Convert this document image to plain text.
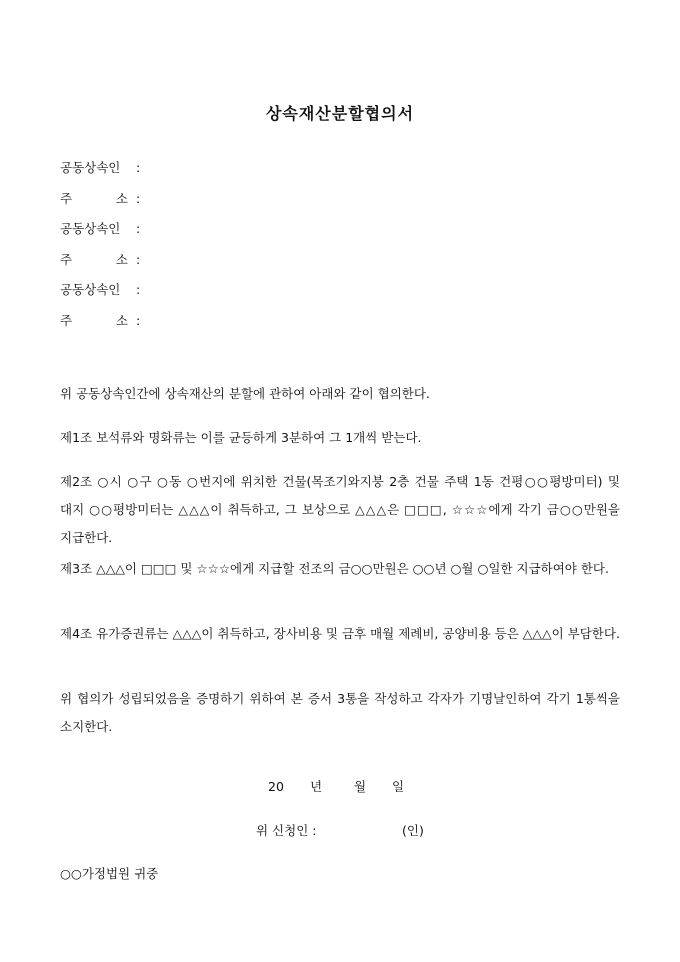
상속재산분할협의서
공동상속인 :
주	소 :
공동상속인 :
주	소 :
공동상속인 :
주	소 :
위 공동상속인간에 상속재산의 분할에 관하여 아래와 같이 협의한다.
제1조 보석류와 명화류는 이를 균등하게 3분하여 그 1개씩 받는다.
제2조 ○시 ○구 ○동 ○번지에 위치한 건물(목조기와지붕 2층 건물 주택 1동 건평○○평방미터) 및 대지 ○○평방미터는 △△△이 취득하고, 그 보상으로 △△△은 □□□, ☆☆☆에게 각기 금○○만원을 지급한다.
제3조 △△△이 □□□ 및 ☆☆☆에게 지급할 전조의 금○○만원은 ○○년 ○월 ○일한 지급하여야 한다.
제4조 유가증권류는 △△△이 취득하고, 장사비용 및 금후 매월 제례비, 공양비용 등은 △△△이 부담한다.
위 협의가 성립되었음을 증명하기 위하여 본 증서 3통을 작성하고 각자가 기명날인하여 각기 1통씩을 소지한다.
20 년	월 일
위 신청인 :	(인)
○○가정법원 귀중
